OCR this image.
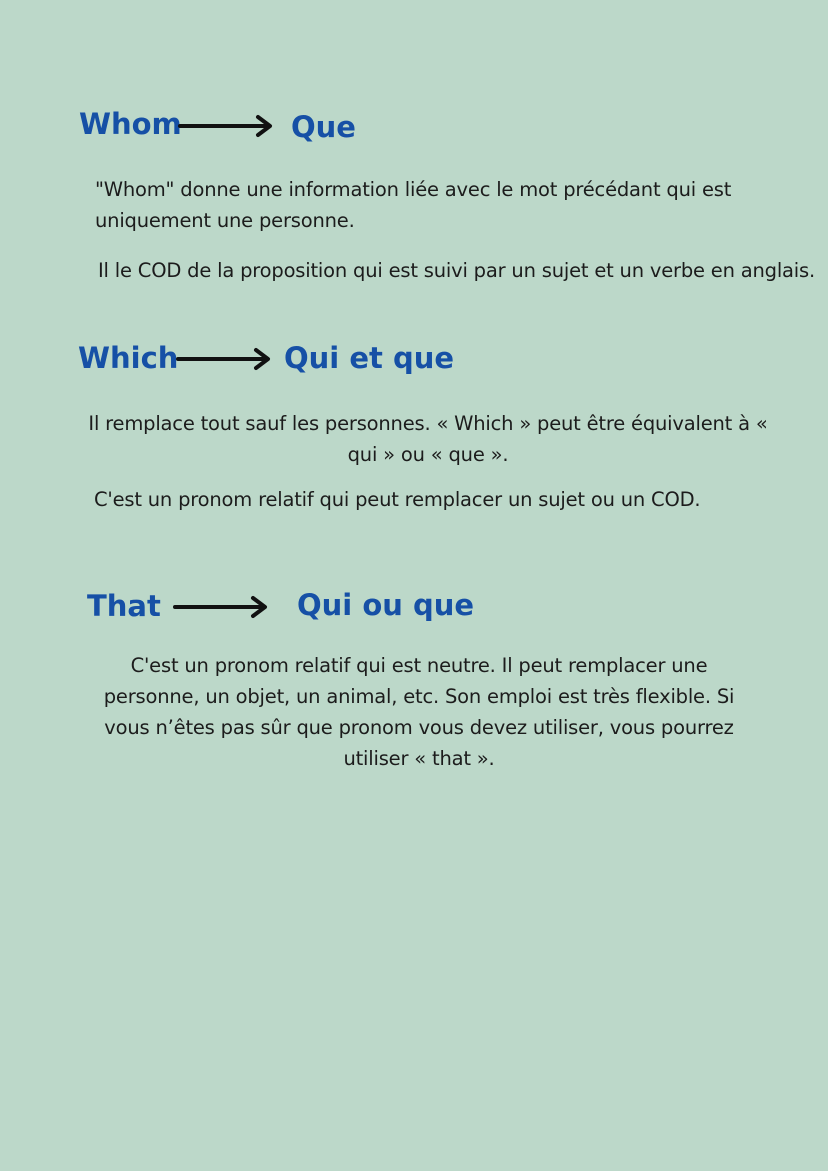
Whom	Que
"Whom" donne une information liée avec le mot précédant qui est uniquement une personne.
Il le COD de la proposition qui est suivi par un sujet et un verbe en anglais.
Which	Qui et que
Il remplace tout sauf les personnes. « Which » peut être équivalent à « qui » ou « que ».
C'est un pronom relatif qui peut remplacer un sujet ou un COD.
That	Qui ou que
C'est un pronom relatif qui est neutre. Il peut remplacer une personne, un objet, un animal, etc. Son emploi est très flexible. Si vous n’êtes pas sûr que pronom vous devez utiliser, vous pourrez utiliser « that ».
